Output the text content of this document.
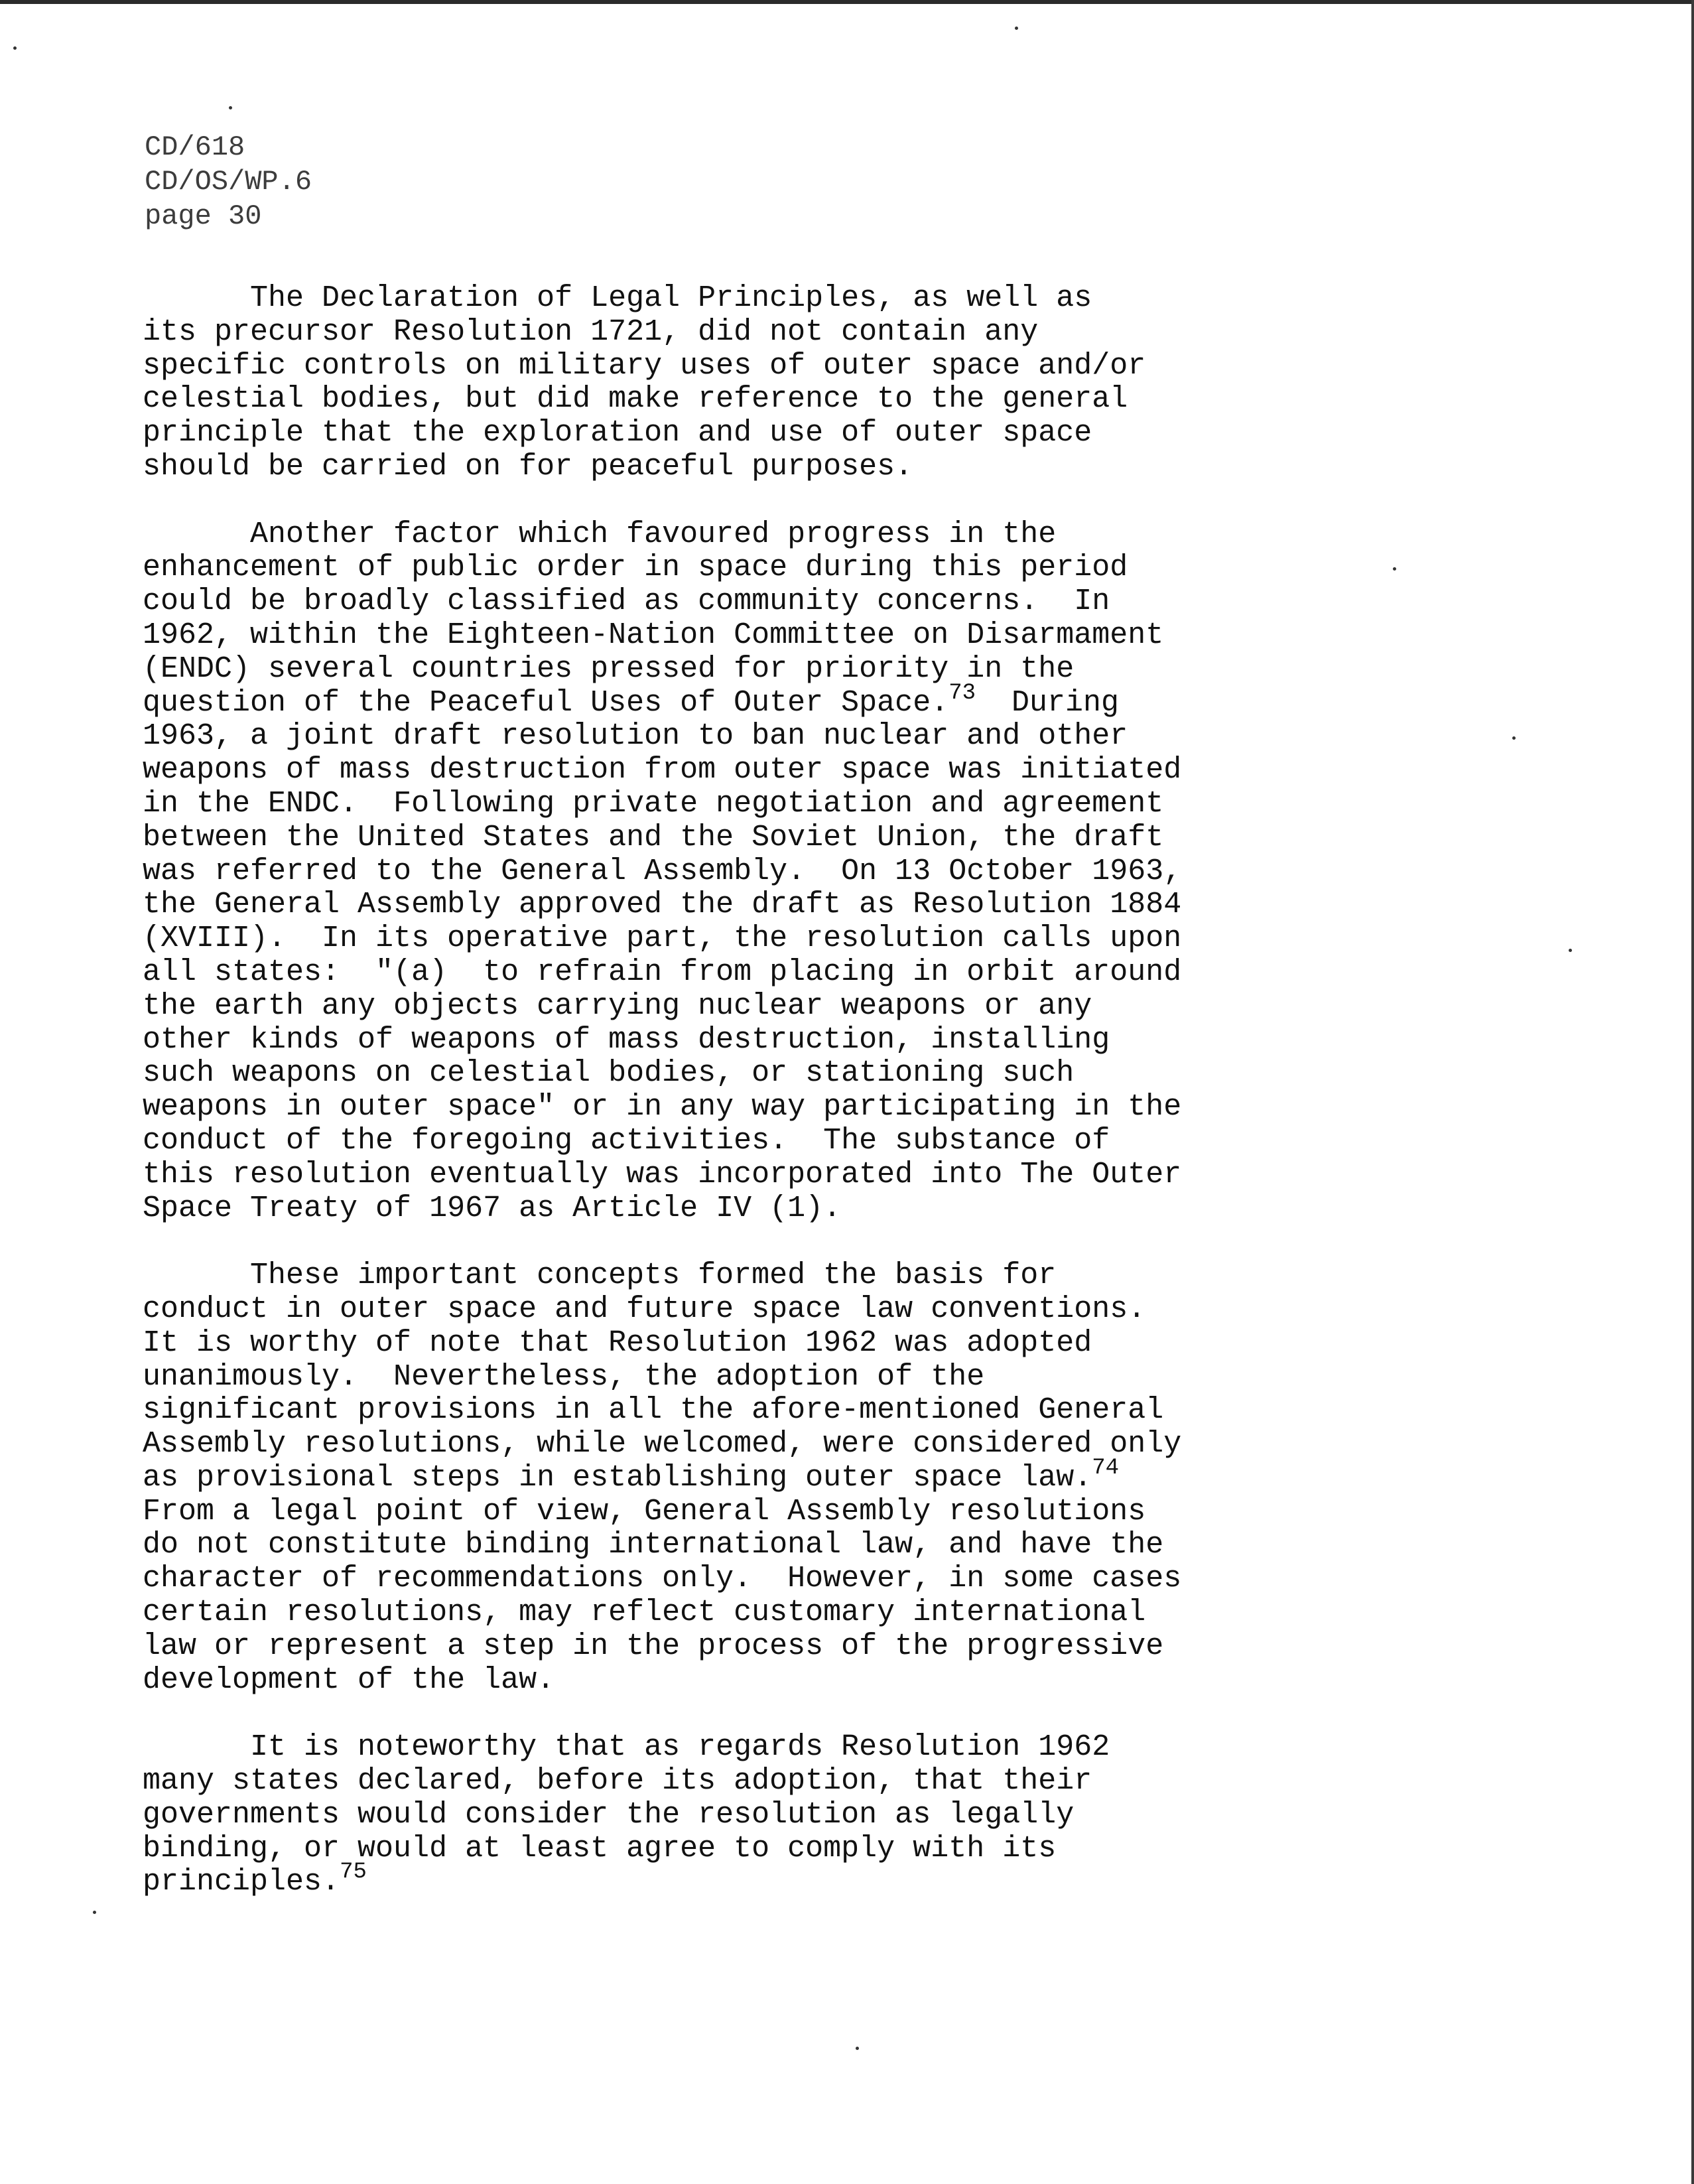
CD/618
CD/OS/WP.6
page 30
The Declaration of Legal Principles, as well as
its precursor Resolution 1721, did not contain any
specific controls on military uses of outer space and/or
celestial bodies, but did make reference to the general
principle that the exploration and use of outer space
should be carried on for peaceful purposes.
Another factor which favoured progress in the
enhancement of public order in space during this period
could be broadly classified as community concerns.  In
1962, within the Eighteen-Nation Committee on Disarmament
(ENDC) several countries pressed for priority in the
question of the Peaceful Uses of Outer Space.$^{73}$  During
1963, a joint draft resolution to ban nuclear and other
weapons of mass destruction from outer space was initiated
in the ENDC.  Following private negotiation and agreement
between the United States and the Soviet Union, the draft
was referred to the General Assembly.  On 13 October 1963,
the General Assembly approved the draft as Resolution 1884
(XVIII).  In its operative part, the resolution calls upon
all states:  "(a)  to refrain from placing in orbit around
the earth any objects carrying nuclear weapons or any
other kinds of weapons of mass destruction, installing
such weapons on celestial bodies, or stationing such
weapons in outer space" or in any way participating in the
conduct of the foregoing activities.  The substance of
this resolution eventually was incorporated into The Outer
Space Treaty of 1967 as Article IV (1).
These important concepts formed the basis for
conduct in outer space and future space law conventions.
It is worthy of note that Resolution 1962 was adopted
unanimously.  Nevertheless, the adoption of the
significant provisions in all the afore-mentioned General
Assembly resolutions, while welcomed, were considered only
as provisional steps in establishing outer space law.$^{74}$
From a legal point of view, General Assembly resolutions
do not constitute binding international law, and have the
character of recommendations only.  However, in some cases
certain resolutions, may reflect customary international
law or represent a step in the process of the progressive
development of the law.
It is noteworthy that as regards Resolution 1962
many states declared, before its adoption, that their
governments would consider the resolution as legally
binding, or would at least agree to comply with its
principles.$^{75}$
